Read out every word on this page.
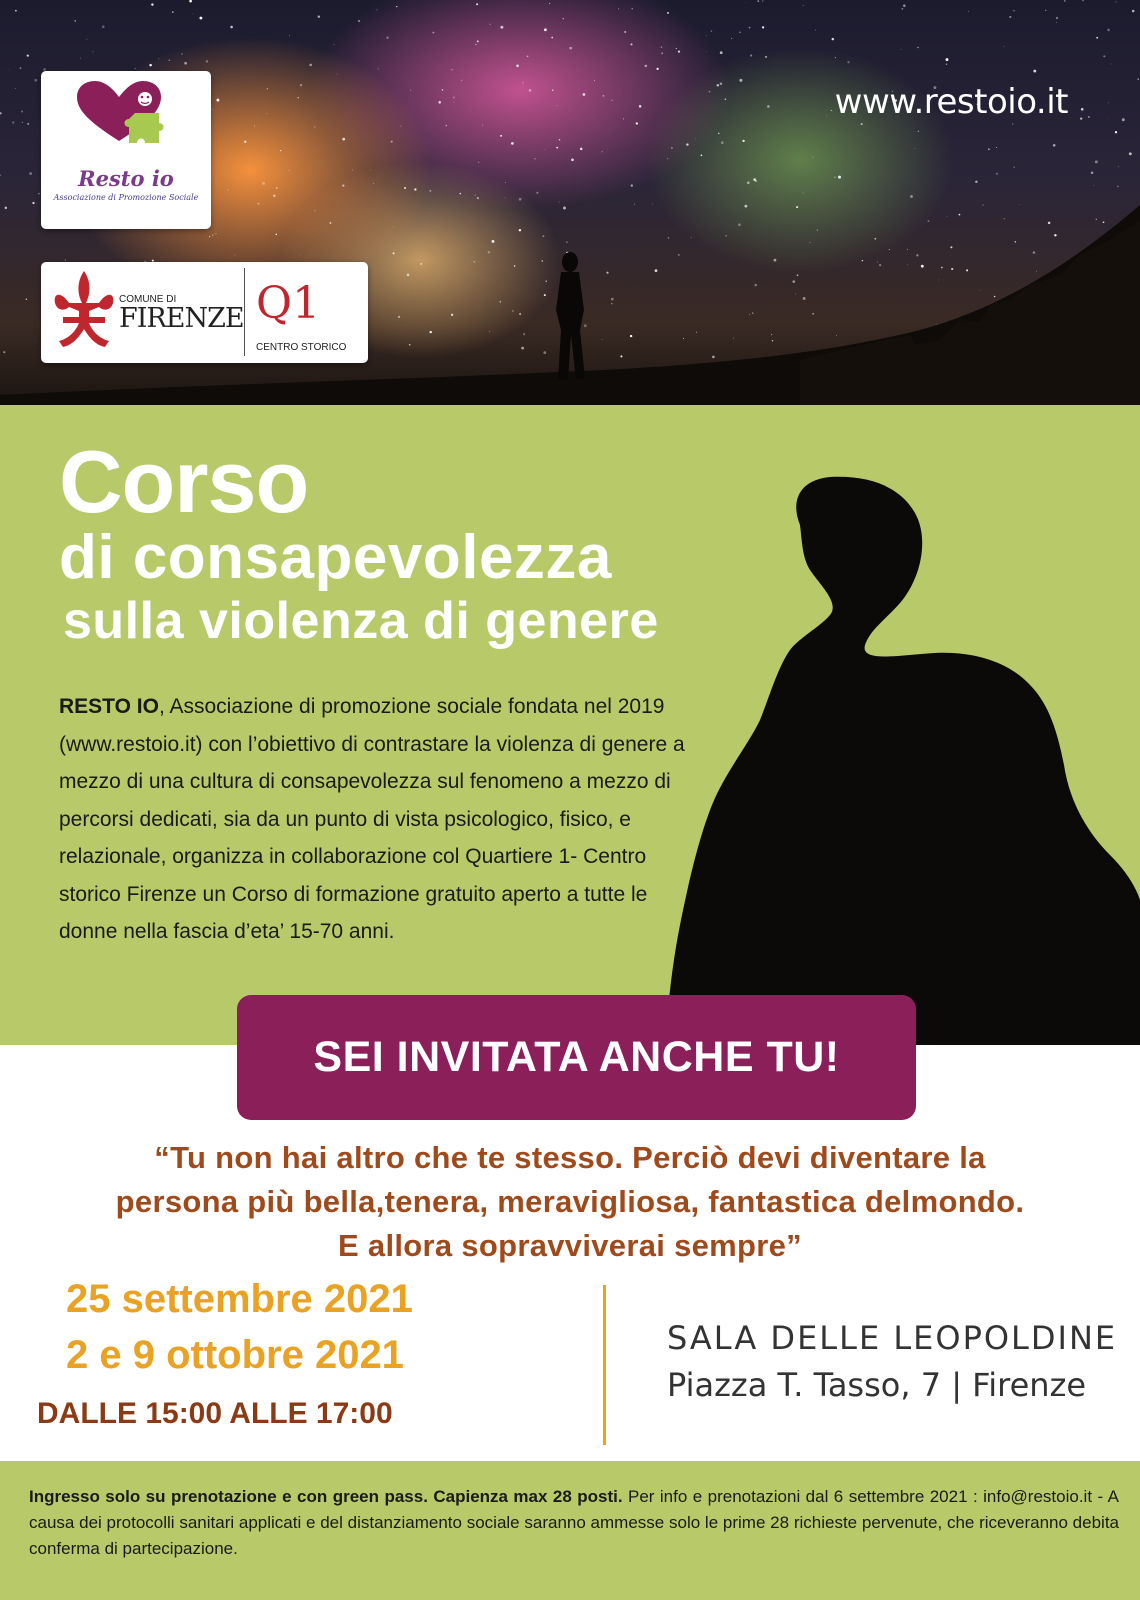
www.restoio.it
Resto io
Associazione di Promozione Sociale
COMUNE DI
FIRENZE Q1
CENTRO STORICO
Corso
di consapevolezza
sulla violenza di genere
RESTO IO, Associazione di promozione sociale fondata nel 2019 (www.restoio.it) con l’obiettivo di contrastare la violenza di genere a mezzo di una cultura di consapevolezza sul fenomeno a mezzo di percorsi dedicati, sia da un punto di vista psicologico, fisico, e relazionale, organizza in collaborazione col Quartiere 1- Centro storico Firenze un Corso di formazione gratuito aperto a tutte le donne nella fascia d’eta’ 15-70 anni.
SEI INVITATA ANCHE TU!
“Tu non hai altro che te stesso. Perciò devi diventare la
persona più bella,tenera, meravigliosa, fantastica delmondo.
E allora sopravviverai sempre”
25 settembre 2021
2 e 9 ottobre 2021
DALLE 15:00 ALLE 17:00
SALA DELLE LEOPOLDINE
Piazza T. Tasso, 7 | Firenze
Ingresso solo su prenotazione e con green pass. Capienza max 28 posti. Per info e prenotazioni dal 6 settembre 2021 : info@restoio.it - A causa dei protocolli sanitari applicati e del distanziamento sociale saranno ammesse solo le prime 28 richieste pervenute, che riceveranno debita conferma di partecipazione.
